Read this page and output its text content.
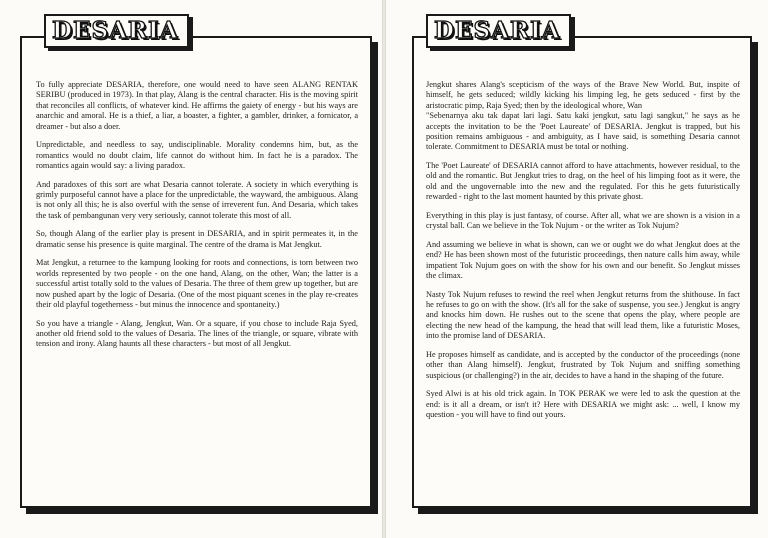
DESARIA

To fully appreciate DESARIA, therefore, one would need to have seen ALANG RENTAK SERIBU (produced in 1973). In that play, Alang is the central character. His is the moving spirit that reconciles all conflicts, of whatever kind. He affirms the gaiety of energy - but his ways are anarchic and amoral. He is a thief, a liar, a boaster, a fighter, a gambler, drinker, a fornicator, a dreamer - but also a doer.

Unpredictable, and needless to say, undisciplinable. Morality condemns him, but, as the romantics would no doubt claim, life cannot do without him. In fact he is a paradox. The romantics again would say: a living paradox.

And paradoxes of this sort are what Desaria cannot tolerate. A society in which everything is grimly purposeful cannot have a place for the unpredictable, the wayward, the ambiguous. Alang is not only all this; he is also overful with the sense of irreverent fun. And Desaria, which takes the task of pembangunan very very seriously, cannot tolerate this most of all.

So, though Alang of the earlier play is present in DESARIA, and in spirit permeates it, in the dramatic sense his presence is quite marginal. The centre of the drama is Mat Jengkut.

Mat Jengkut, a returnee to the kampung looking for roots and connections, is torn between two worlds represented by two people - on the one hand, Alang, on the other, Wan; the latter is a successful artist totally sold to the values of Desaria. The three of them grew up together, but are now pushed apart by the logic of Desaria. (One of the most piquant scenes in the play re-creates their old playful togetherness - but minus the innocence and spontaneity.)

So you have a triangle - Alang, Jengkut, Wan. Or a square, if you chose to include Raja Syed, another old friend sold to the values of Desaria. The lines of the triangle, or square, vibrate with tension and irony. Alang haunts all these characters - but most of all Jengkut.

DESARIA

Jengkut shares Alang's scepticism of the ways of the Brave New World. But, inspite of himself, he gets seduced; wildly kicking his limping leg, he gets seduced - first by the aristocratic pimp, Raja Syed; then by the ideological whore, Wan

"Sebenarnya aku tak dapat lari lagi. Satu kaki jengkut, satu lagi sangkut," he says as he accepts the invitation to be the 'Poet Laureate' of DESARIA. Jengkut is trapped, but his position remains ambiguous - and ambiguity, as I have said, is something Desaria cannot tolerate. Commitment to DESARIA must be total or nothing.

The 'Poet Laureate' of DESARIA cannot afford to have attachments, however residual, to the old and the romantic. But Jengkut tries to drag, on the heel of his limping foot as it were, the old and the ungovernable into the new and the regulated. For this he gets futuristically rewarded - right to the last moment haunted by this private ghost.

Everything in this play is just fantasy, of course. After all, what we are shown is a vision in a crystal ball. Can we believe in the Tok Nujum - or the writer as Tok Nujum?

And assuming we believe in what is shown, can we or ought we do what Jengkut does at the end? He has been shown most of the futuristic proceedings, then nature calls him away, while impatient Tok Nujum goes on with the show for his own and our benefit. So Jengkut misses the climax.

Nasty Tok Nujum refuses to rewind the reel when Jengkut returns from the shithouse. In fact he refuses to go on with the show. (It's all for the sake of suspense, you see.) Jengkut is angry and knocks him down. He rushes out to the scene that opens the play, where people are electing the new head of the kampung, the head that will lead them, like a futuristic Moses, into the promise land of DESARIA.

He proposes himself as candidate, and is accepted by the conductor of the proceedings (none other than Alang himself). Jengkut, frustrated by Tok Nujum and sniffing something suspicious (or challenging?) in the air, decides to have a hand in the shaping of the future.

Syed Alwi is at his old trick again. In TOK PERAK we were led to ask the question at the end: is it all a dream, or isn't it? Here with DESARIA we might ask: ... well, I know my question - you will have to find out yours.
